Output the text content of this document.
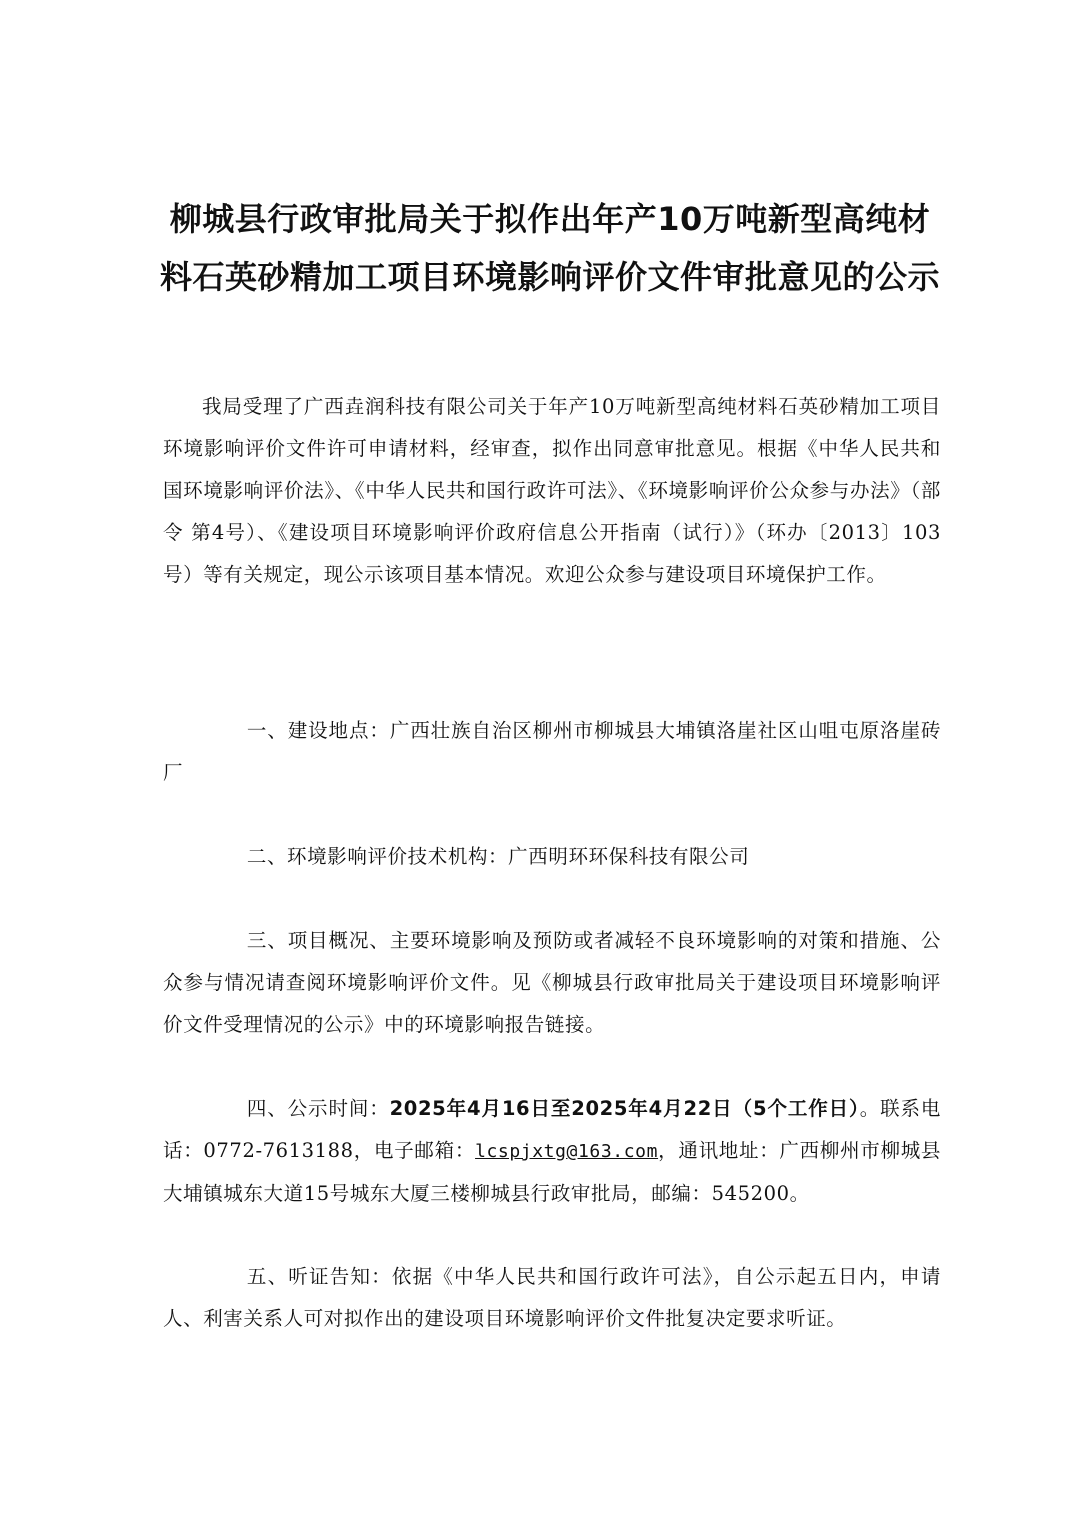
柳城县行政审批局关于拟作出年产10万吨新型高纯材料石英砂精加工项目环境影响评价文件审批意见的公示

我局受理了广西垚润科技有限公司关于年产10万吨新型高纯材料石英砂精加工项目环境影响评价文件许可申请材料，经审查，拟作出同意审批意见。根据《中华人民共和国环境影响评价法》、《中华人民共和国行政许可法》、《环境影响评价公众参与办法》（部令 第4号）、《建设项目环境影响评价政府信息公开指南（试行）》（环办〔2013〕103号）等有关规定，现公示该项目基本情况。欢迎公众参与建设项目环境保护工作。

一、建设地点：广西壮族自治区柳州市柳城县大埔镇洛崖社区山咀屯原洛崖砖厂

二、环境影响评价技术机构：广西明环环保科技有限公司

三、项目概况、主要环境影响及预防或者减轻不良环境影响的对策和措施、公众参与情况请查阅环境影响评价文件。见《柳城县行政审批局关于建设项目环境影响评价文件受理情况的公示》中的环境影响报告链接。

四、公示时间：2025年4月16日至2025年4月22日（5个工作日）。联系电话：0772-7613188，电子邮箱：lcspjxtg@163.com，通讯地址：广西柳州市柳城县大埔镇城东大道15号城东大厦三楼柳城县行政审批局，邮编：545200。

五、听证告知：依据《中华人民共和国行政许可法》，自公示起五日内，申请人、利害关系人可对拟作出的建设项目环境影响评价文件批复决定要求听证。
